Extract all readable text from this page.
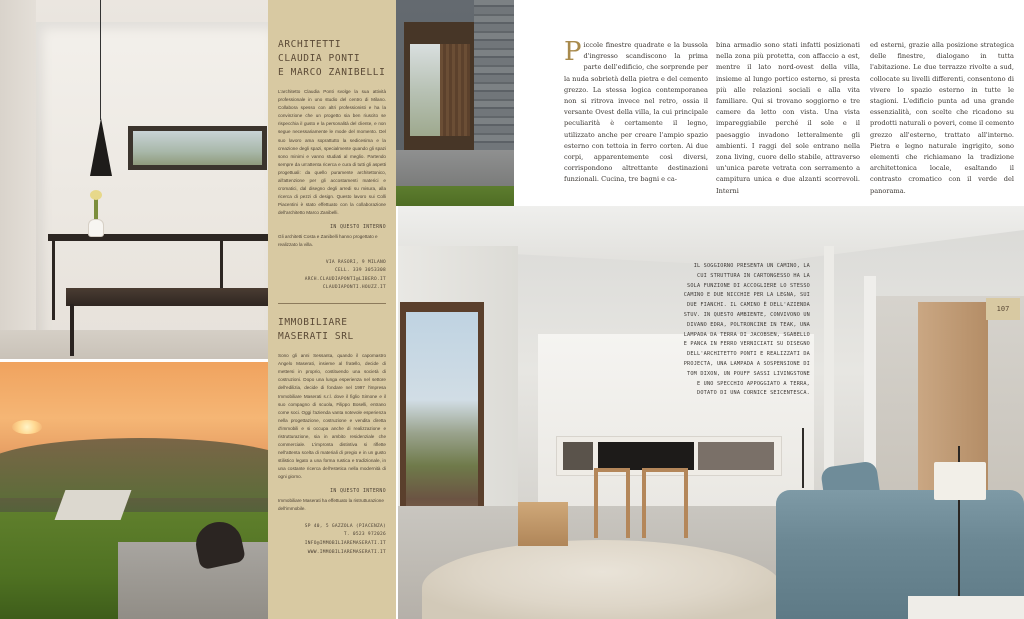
ARCHITETTI CLAUDIA PONTI
E MARCO ZANIBELLI

L'architetto Claudia Ponti svolge la sua attività professionale in uno studio del centro di Milano. Collabora spesso con altri professionisti e ha la convinzione che un progetto sia ben riuscito se rispecchia il gusto e la personalità del cliente, e non segue necessariamente le mode del momento. Del suo lavoro ama soprattutto la sedicesima e la creazione degli spazi, specialmente quando gli spazi sono minimi e vanno studiati al meglio. Partendo sempre da un'attenta ricerca e cura di tutti gli aspetti progettuali: da quello puramente architettonico, all'attenzione per gli accostamenti materici e cromatici, dal disegno degli arredi su misura, alla ricerca di pezzi di design. Questo lavoro sui Colli Piacentini è stato effettuato con la collaborazione dell'architetto Marco Zanibelli.

IN QUESTO INTERNO

Gli architetti Costa e Zanibelli hanno progettato e realizzato la villa.

VIA RASORI, 9 MILANO
CELL. 339 3053308
ARCH.CLAUDIAPONTI@LIBERO.IT
CLAUDIAPONTI.HOUZZ.IT
IMMOBILIARE
MASERATI SRL

Sono gli anni Sessanta, quando il capomastro Angelo Maserati, insieme al fratello, decide di mettersi in proprio, costituendo una società di costruzioni. Dopo una lunga esperienza nel settore dell'edilizia, decide di fondare nel 1997 l'impresa Immobiliare Maserati s.r.l. dove il figlio Simone e il suo compagno di scuola, Filippo Boselli, entrano come soci. Oggi l'azienda vanta notevole esperienza nella progettazione, costruzione e vendita diretta d'immobili e si occupa anche di realizzazione e ristrutturazione, sia in ambito residenziale che commerciale. L'impronta distintiva si riflette nell'attenta scelta di materiali di pregio e in un gusto stilistico legato a una forma rustica e tradizionale, in una costante ricerca dell'estetica nella modernità di ogni giorno.

IN QUESTO INTERNO

Immobiliare Maserati ha effettuato la ristrutturazione dell'immobile.

SP 40, 5 GAZZOLA (PIACENZA)
T. 0523 972026
INFO@IMMOBILIAREMASERATI.IT
WWW.IMMOBILIAREMASERATI.IT
Piccole finestre quadrate e la bussola d'ingresso scandiscono la prima parte dell'edificio, che sorprende per la nuda sobrietà della pietra e del cemento grezzo. La stessa logica contemporanea non si ritrova invece nel retro, ossia il versante Ovest della villa, la cui principale peculiarità è certamente il legno, utilizzato anche per creare l'ampio spazio esterno con tettoia in ferro corten. Ai due corpi, apparentemente così diversi, corrispondono altrettante destinazioni funzionali. Cucina, tre bagni e ca-
bina armadio sono stati infatti posizionati nella zona più protetta, con affaccio a est, mentre il lato nord-ovest della villa, insieme al lungo portico esterno, si presta più alle relazioni sociali e alla vita familiare. Qui si trovano soggiorno e tre camere da letto con vista. Una vista impareggiabile perché il sole e il paesaggio invadono letteralmente gli ambienti. I raggi del sole entrano nella zona living, cuore dello stabile, attraverso un'unica parete vetrata con serramento a campitura unica e due alzanti scorrevoli. Interni
ed esterni, grazie alla posizione strategica delle finestre, dialogano in tutta l'abitazione. Le due terrazze rivolte a sud, collocate su livelli differenti, consentono di vivere lo spazio esterno in tutte le stagioni. L'edificio punta ad una grande essenzialità, con scelte che ricadono su prodotti naturali o poveri, come il cemento grezzo all'esterno, trattato all'interno. Pietra e legno naturale ingrigito, sono elementi che richiamano la tradizione architettonica locale, esaltando il contrasto cromatico con il verde del panorama.
IL SOGGIORNO PRESENTA UN CAMINO, LA CUI STRUTTURA IN CARTONGESSO HA LA SOLA FUNZIONE DI ACCOGLIERE LO STESSO CAMINO E DUE NICCHIE PER LA LEGNA, SUI DUE FIANCHI. IL CAMINO È DELL'AZIENDA STUV. IN QUESTO AMBIENTE, CONVIVONO UN DIVANO EDRA, POLTRONCINE IN TEAK, UNA LAMPADA DA TERRA DI JACOBSEN, SGABELLO E PANCA IN FERRO VERNICIATI SU DISEGNO DELL'ARCHITETTO PONTI E REALIZZATI DA PROJECTA, UNA LAMPADA A SOSPENSIONE DI TOM DIXON, UN POUFF SASSI LIVINGSTONE E UNO SPECCHIO APPOGGIATO A TERRA, DOTATO DI UNA CORNICE SEICENTESCA.
107
